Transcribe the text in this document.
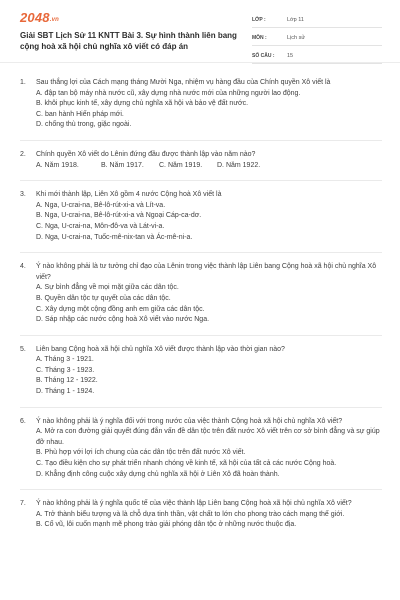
2048.vn
Giải SBT Lịch Sử 11 KNTT Bài 3. Sự hình thành liên bang cộng hoà xã hội chủ nghĩa xô viết có đáp án
LỚP :	Lớp 11
MÔN :	Lịch sử
SỐ CÂU :	15
1.	Sau thắng lợi của Cách mạng tháng Mười Nga, nhiệm vụ hàng đầu của Chính quyền Xô viết là
A. đập tan bộ máy nhà nước cũ, xây dựng nhà nước mới của những người lao động.
B. khôi phục kinh tế, xây dựng chủ nghĩa xã hội và bảo vệ đất nước.
C. ban hành Hiến pháp mới.
D. chống thù trong, giặc ngoài.
2.	Chính quyền Xô viết do Lênin đứng đầu được thành lập vào năm nào?
A. Năm 1918.	B. Năm 1917.	C. Năm 1919.	D. Năm 1922.
3.	Khi mới thành lập, Liên Xô gồm 4 nước Cộng hoà Xô viết là
A. Nga, U-crai-na, Bê-lô-rút-xi-a và Lít-va.
B. Nga, U-crai-na, Bê-lô-rút-xi-a và Ngoại Cáp-ca-dơ.
C. Nga, U-crai-na, Môn-đô-va và Lát-vi-a.
D. Nga, U-crai-na, Tuốc-mê-nix-tan và Ác-mê-ni-a.
4.	Ý nào không phải là tư tưởng chỉ đạo của Lênin trong việc thành lập Liên bang Cộng hoà xã hội chủ nghĩa Xô viết?
A. Sự bình đẳng về mọi mặt giữa các dân tộc.
B. Quyền dân tộc tự quyết của các dân tộc.
C. Xây dựng một cộng đồng anh em giữa các dân tộc.
D. Sáp nhập các nước cộng hoà Xô viết vào nước Nga.
5.	Liên bang Cộng hoà xã hội chủ nghĩa Xô viết được thành lập vào thời gian nào?
A. Tháng 3 - 1921.
C. Tháng 3 - 1923.
B. Tháng 12 - 1922.
D. Tháng 1 - 1924.
6.	Ý nào không phải là ý nghĩa đối với trong nước của việc thành Cộng hoà xã hội chủ nghĩa Xô viết?
A. Mở ra con đường giải quyết đúng đắn vấn đề dân tộc trên đất nước Xô viết trên cơ sở bình đẳng và sự giúp đỡ nhau.
B. Phù hợp với lợi ích chung của các dân tộc trên đất nước Xô viết.
C. Tạo điều kiện cho sự phát triển nhanh chóng về kinh tế, xã hội của tất cả các nước Cộng hoà.
D. Khẳng định công cuộc xây dựng chủ nghĩa xã hội ở Liên Xô đã hoàn thành.
7.	Ý nào không phải là ý nghĩa quốc tế của việc thành lập Liên bang Cộng hoà xã hội chủ nghĩa Xô viết?
A. Trở thành biểu tượng và là chỗ dựa tinh thần, vật chất to lớn cho phong trào cách mạng thế giới.
B. Cổ vũ, lôi cuốn mạnh mẽ phong trào giải phóng dân tộc ở những nước thuộc địa.
